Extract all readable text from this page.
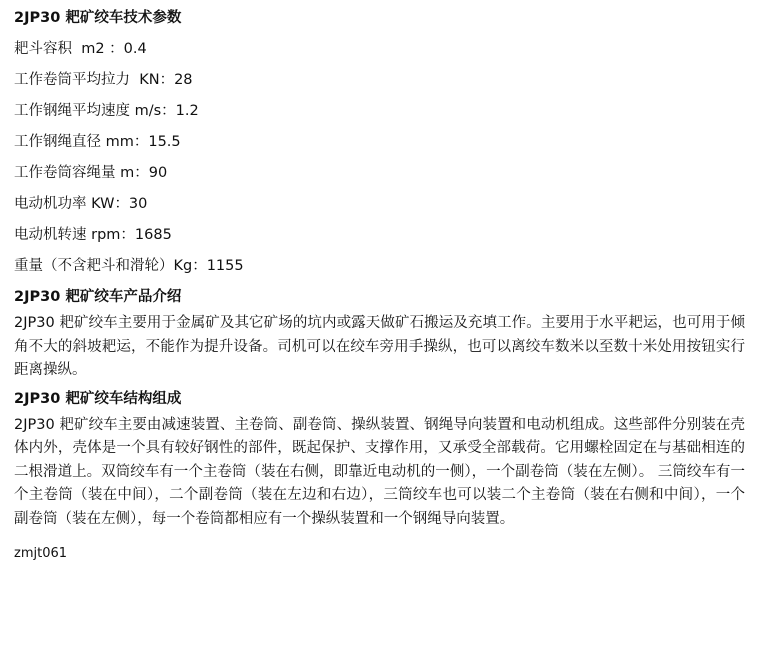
2JP30 耙矿绞车技术参数
耙斗容积  m2 ：0.4
工作卷筒平均拉力  KN：28
工作钢绳平均速度 m/s：1.2
工作钢绳直径 mm：15.5
工作卷筒容绳量 m：90
电动机功率 KW：30
电动机转速 rpm：1685
重量（不含耙斗和滑轮）Kg：1155
2JP30 耙矿绞车产品介绍

2JP30 耙矿绞车主要用于金属矿及其它矿场的坑内或露天做矿石搬运及充填工作。主要用于水平耙运，也可用于倾角不大的斜坡耙运，不能作为提升设备。司机可以在绞车旁用手操纵，也可以离绞车数米以至数十米处用按钮实行距离操纵。

2JP30 耙矿绞车结构组成

2JP30 耙矿绞车主要由减速装置、主卷筒、副卷筒、操纵装置、钢绳导向装置和电动机组成。这些部件分别装在壳体内外，壳体是一个具有较好钢性的部件，既起保护、支撑作用，又承受全部载荷。它用螺栓固定在与基础相连的二根滑道上。双筒绞车有一个主卷筒（装在右侧，即靠近电动机的一侧），一个副卷筒（装在左侧）。 三筒绞车有一个主卷筒（装在中间），二个副卷筒（装在左边和右边），三筒绞车也可以装二个主卷筒（装在右侧和中间），一个副卷筒（装在左侧），每一个卷筒都相应有一个操纵装置和一个钢绳导向装置。

zmjt061
